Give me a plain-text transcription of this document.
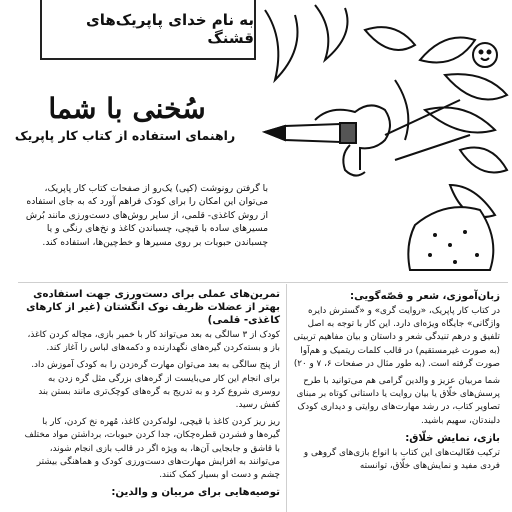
به نام خدای پاپریک‌های قشنگ
سُخنی با شما
راهنمای استفاده از کتاب کار پاپریک
با گرفتن رونوشت (کپی) یک‌رو از صفحات کتاب کار پاپریک، می‌توان این امکان را برای کودک فراهم آورد که به جای استفاده از روش کاغذی- قلمی، از سایر روش‌های دست‌ورزی مانند بُرش مسیرهای ساده با قیچی، چسباندن کاغذ و نخ‌های رنگی و یا چسباندن حبوبات بر روی مسیرها و خط‌چین‌ها، استفاده کند.
زبان‌آموزی، شعر و قصّه‌گویی:
در کتاب کار پاپریک، «روایت گری» و «گسترش دایره واژگانی» جایگاه ویژه‌ای دارد. این کار با توجه به اصل تلفیق و درهم تنیدگی شعر و داستان و بیان مفاهیم تربیتی (به صورت غیرمستقیم) در قالب کلمات ریتمیک و هم‌آوا صورت گرفته است. (به طور مثال در صفحات ۶، ۷ و ۲۰)
شما مربیان عزیز و والدین گرامی هم می‌توانید با طرح پرسش‌های خلّاق یا بیان روایت یا داستانی کوتاه بر مبنای تصاویر کتاب، در رشد مهارت‌های روایتی و دیداری کودک دلبندتان، سهیم باشید.
بازی، نمایش خلّاق:
ترکیب فعّالیت‌های این کتاب با انواع بازی‌های گروهی و فردی مفید و نمایش‌های خلّاق، توانسته
تمرین‌های عملی برای دست‌ورزی جهت استفاده‌ی بهتر از عضلات ظریف نوک انگشتان (غیر از کارهای کاغذی- قلمی)
کودک از ۳ سالگی به بعد می‌تواند کار با خمیر بازی، مچاله کردن کاغذ، باز و بسته‌کردن گیره‌های نگهدارنده و دکمه‌های لباس را آغاز کند.
از پنج سالگی به بعد می‌توان مهارت گره‌زدن را به کودک آموزش داد. برای انجام این کار می‌بایست از گره‌های بزرگی مثل گره زدن به روسری شروع کرد و به تدریج به گره‌های کوچک‌تری مانند بستن بند کفش رسید.
ریز ریز کردن کاغذ با قیچی، لوله‌کردن کاغذ، مُهره نخ کردن، کار با گیره‌ها و فشردن قطره‌چکان، جدا کردن حبوبات، برداشتن مواد مختلف با قاشق و جابجایی آن‌ها، به ویژه اگر در قالب بازی انجام شوند، می‌توانند به افزایش مهارت‌های دست‌ورزی کودک و هماهنگی بیشتر چشم و دست او بسیار کمک کنند.
توصیه‌هایی برای مربیان و والدین:
